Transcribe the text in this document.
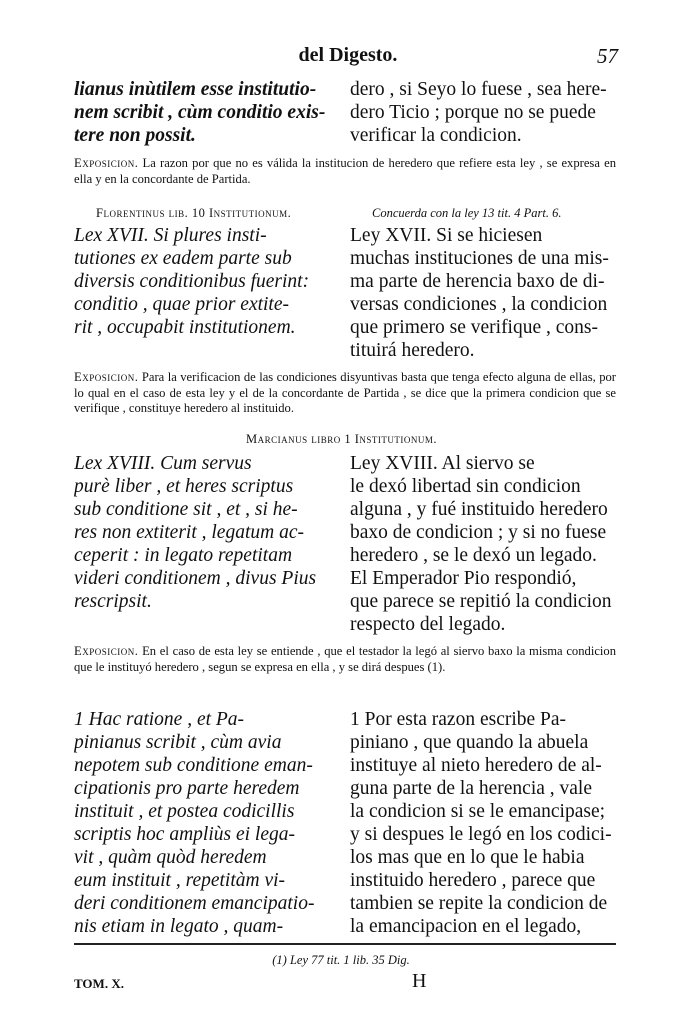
del Digesto.	57
lianus inùtilem esse institutio-
nem scribit , cùm conditio exis-
tere non possit.
dero , si Seyo lo fuese , sea here-
dero Ticio ; porque no se puede
verificar la condicion.
Exposicion. La razon por que no es válida la institucion de heredero que refiere esta ley , se expresa en ella y en la concordante de Partida.
Florentinus lib. 10 Institutionum.	Concuerda con la ley 13 tit. 4 Part. 6.
Lex XVII. Si plures insti-
tutiones ex eadem parte sub
diversis conditionibus fuerint:
conditio , quae prior extite-
rit , occupabit institutionem.
Ley XVII. Si se hiciesen
muchas instituciones de una mis-
ma parte de herencia baxo de di-
versas condiciones , la condicion
que primero se verifique , cons-
tituirá heredero.
Exposicion. Para la verificacion de las condiciones disyuntivas basta que tenga efecto alguna de ellas, por lo qual en el caso de esta ley y el de la concordante de Partida , se dice que la primera condicion que se verifique , constituye heredero al instituido.
Marcianus libro 1 Institutionum.
Lex XVIII. Cum servus
purè liber , et heres scriptus
sub conditione sit , et , si he-
res non extiterit , legatum ac-
ceperit : in legato repetitam
videri conditionem , divus Pius
rescripsit.
Ley XVIII. Al siervo se
le dexó libertad sin condicion
alguna , y fué instituido heredero
baxo de condicion ; y si no fuese
heredero , se le dexó un legado.
El Emperador Pio respondió,
que parece se repitió la condicion
respecto del legado.
Exposicion. En el caso de esta ley se entiende , que el testador la legó al siervo baxo la misma condicion que le instituyó heredero , segun se expresa en ella , y se dirá despues (1).
1 Hac ratione , et Pa-
pinianus scribit , cùm avia
nepotem sub conditione eman-
cipationis pro parte heredem
instituit , et postea codicillis
scriptis hoc ampliùs ei lega-
vit , quàm quòd heredem
eum instituit , repetitàm vi-
deri conditionem emancipatio-
nis etiam in legato , quam-
1 Por esta razon escribe Pa-
piniano , que quando la abuela
instituye al nieto heredero de al-
guna parte de la herencia , vale
la condicion si se le emancipase;
y si despues le legó en los codici-
los mas que en lo que le habia
instituido heredero , parece que
tambien se repite la condicion de
la emancipacion en el legado,
(1) Ley 77 tit. 1 lib. 35 Dig.
TOM. X.	H
